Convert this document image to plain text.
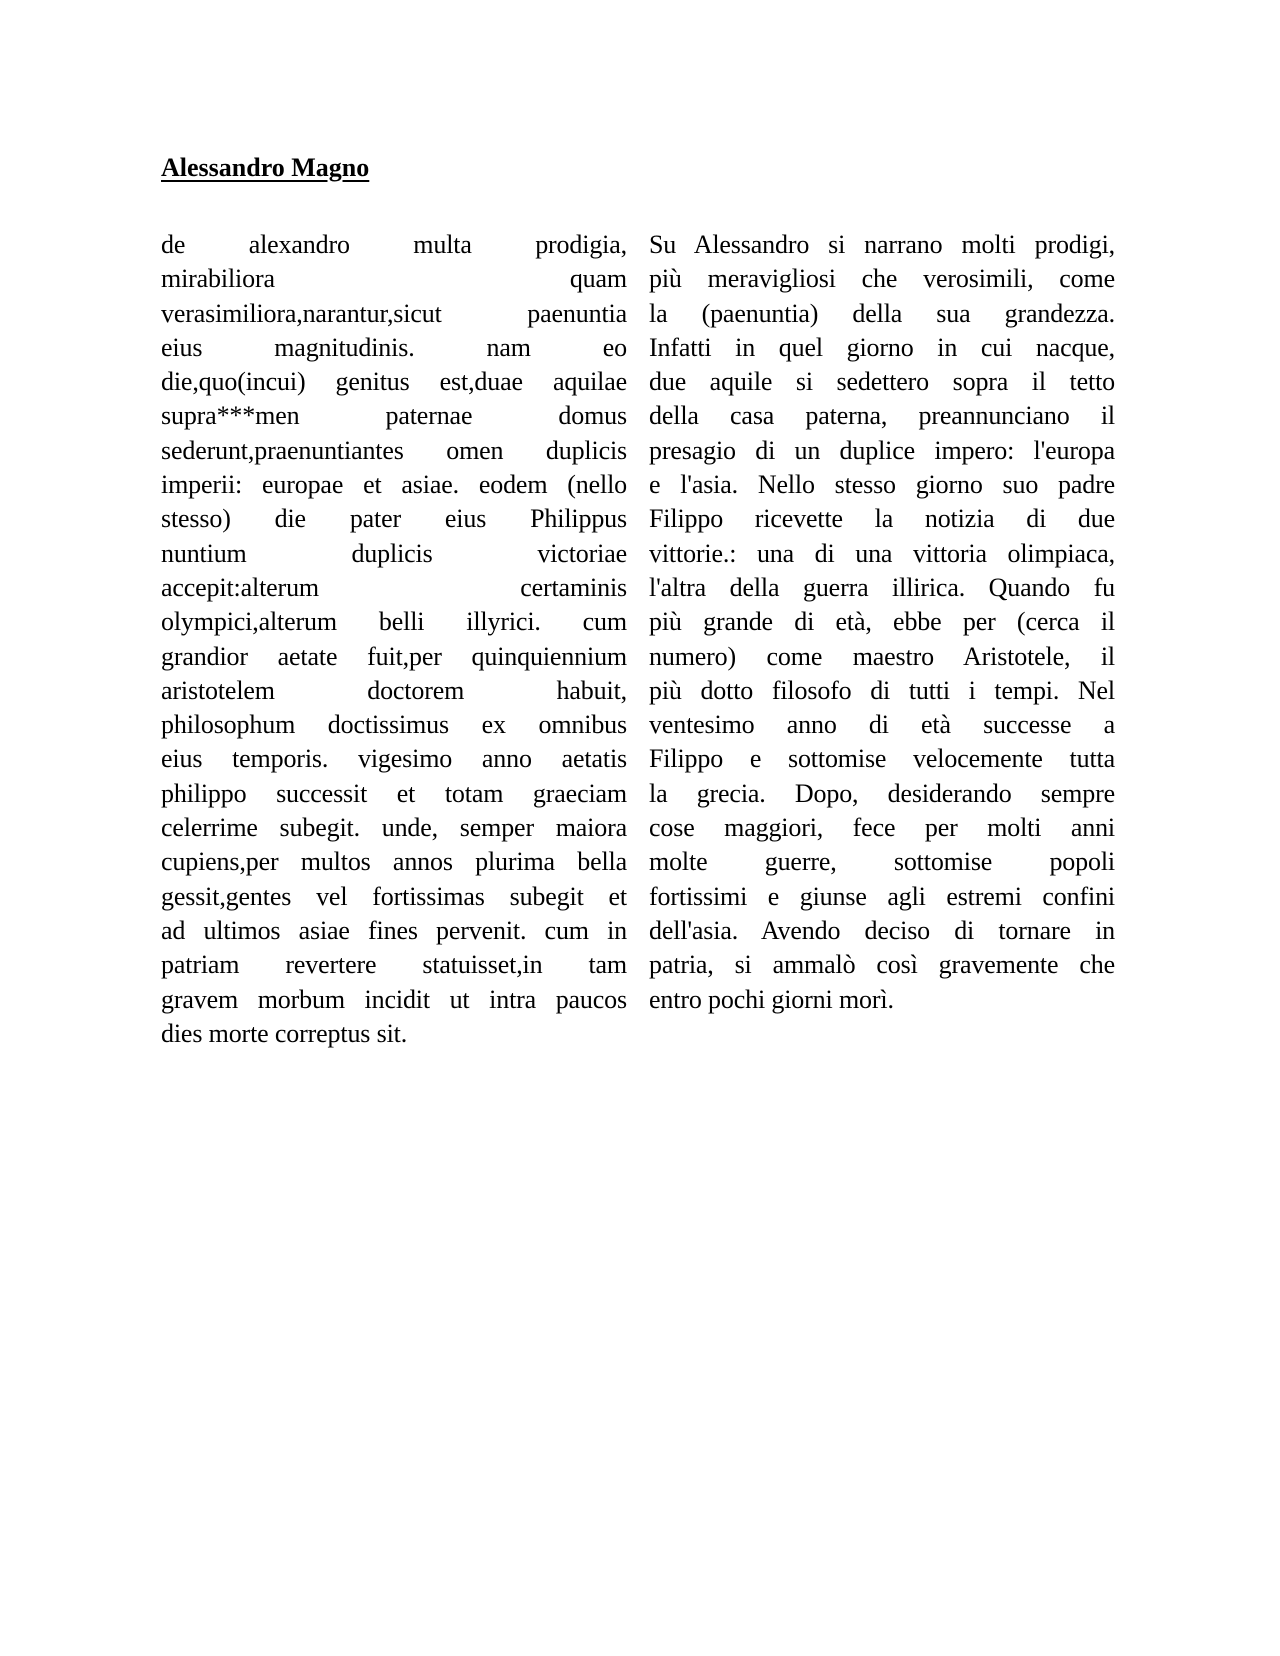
Alessandro Magno
de alexandro multa prodigia,
mirabiliora quam
verasimiliora,narantur,sicut paenuntia
eius magnitudinis. nam eo
die,quo(incui) genitus est,duae aquilae
supra***men paternae domus
sederunt,praenuntiantes omen duplicis
imperii: europae et asiae. eodem (nello
stesso) die pater eius Philippus
nuntium duplicis victoriae
accepit:alterum certaminis
olympici,alterum belli illyrici. cum
grandior aetate fuit,per quinquiennium
aristotelem doctorem habuit,
philosophum doctissimus ex omnibus
eius temporis. vigesimo anno aetatis
philippo successit et totam graeciam
celerrime subegit. unde, semper maiora
cupiens,per multos annos plurima bella
gessit,gentes vel fortissimas subegit et
ad ultimos asiae fines pervenit. cum in
patriam revertere statuisset,in tam
gravem morbum incidit ut intra paucos
dies morte correptus sit.
Su Alessandro si narrano molti prodigi,
più meravigliosi che verosimili, come
la (paenuntia) della sua grandezza.
Infatti in quel giorno in cui nacque,
due aquile si sedettero sopra il tetto
della casa paterna, preannunciano il
presagio di un duplice impero: l'europa
e l'asia. Nello stesso giorno suo padre
Filippo ricevette la notizia di due
vittorie.: una di una vittoria olimpiaca,
l'altra della guerra illirica. Quando fu
più grande di età, ebbe per (cerca il
numero) come maestro Aristotele, il
più dotto filosofo di tutti i tempi. Nel
ventesimo anno di età successe a
Filippo e sottomise velocemente tutta
la grecia. Dopo, desiderando sempre
cose maggiori, fece per molti anni
molte guerre, sottomise popoli
fortissimi e giunse agli estremi confini
dell'asia. Avendo deciso di tornare in
patria, si ammalò così gravemente che
entro pochi giorni morì.
